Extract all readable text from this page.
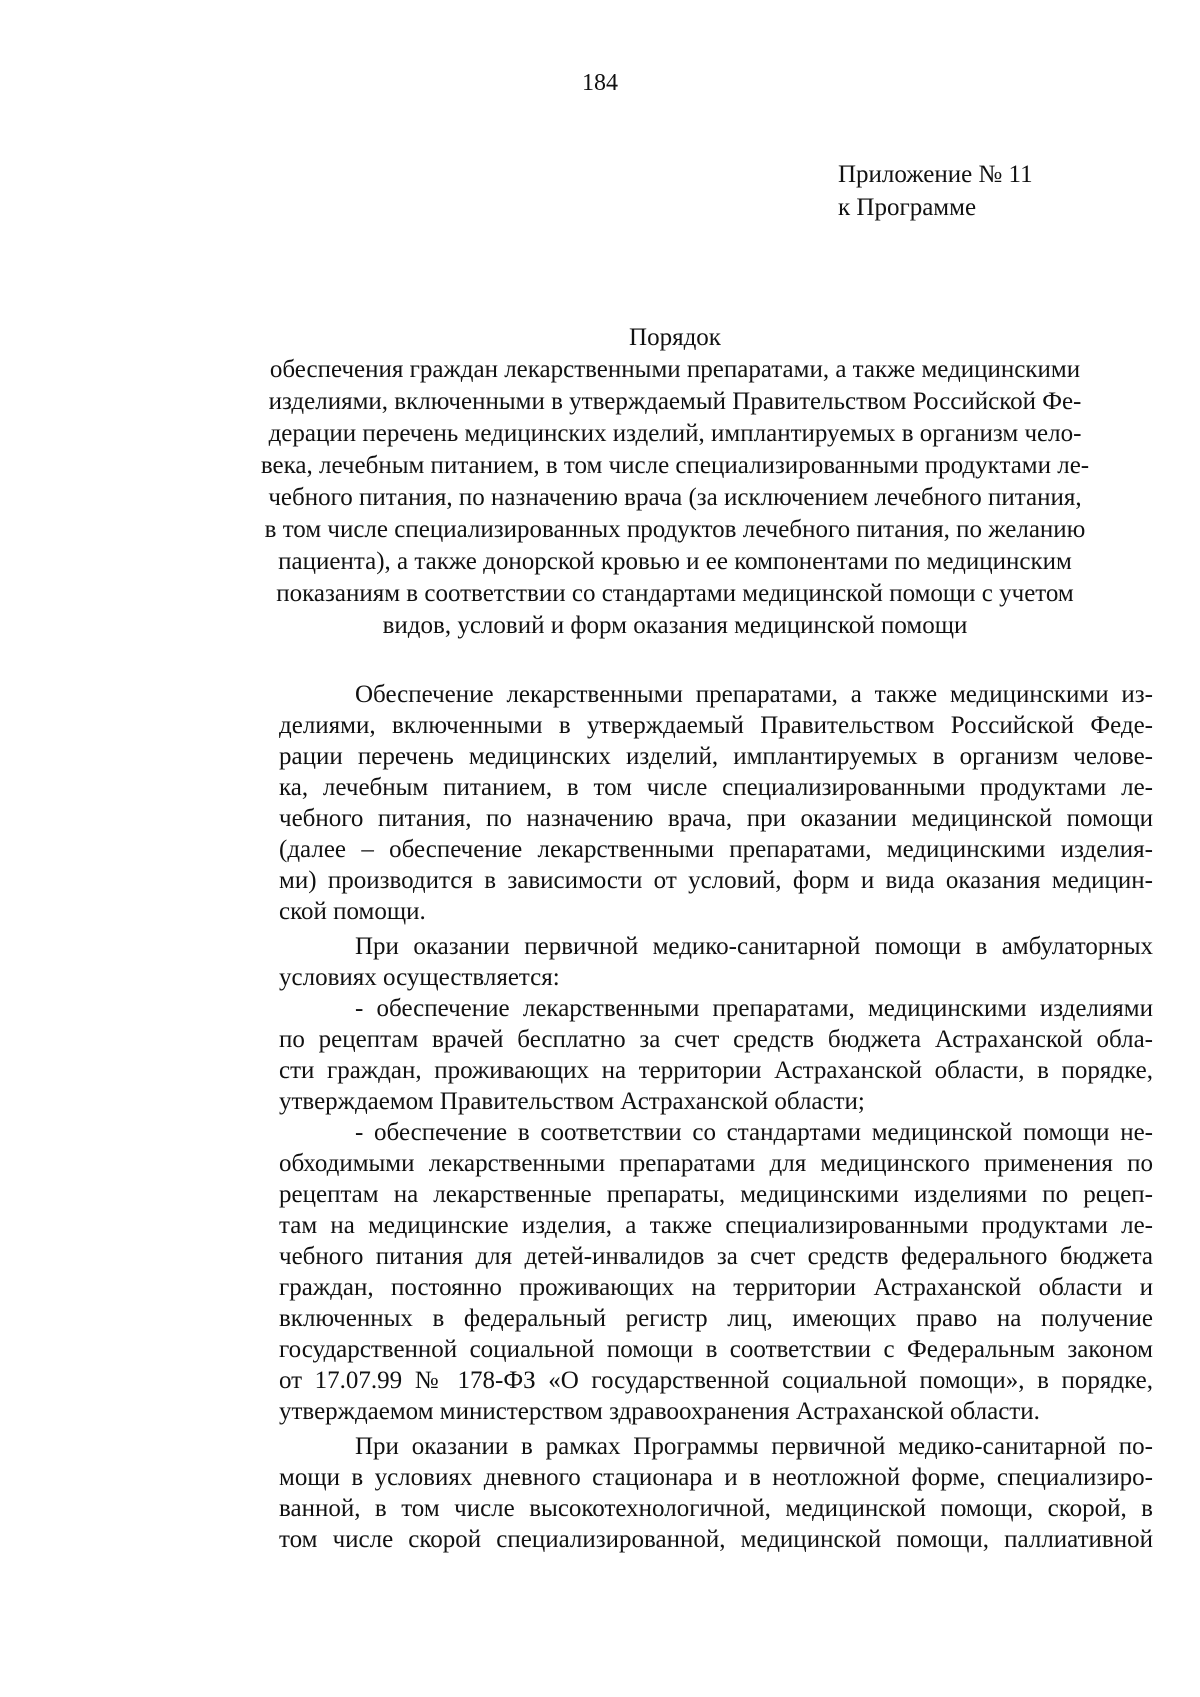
184
Приложение № 11
к Программе

Порядок

обеспечения граждан лекарственными препаратами, а также медицинскими
изделиями, включенными в утверждаемый Правительством Российской Фе-
дерации перечень медицинских изделий, имплантируемых в организм чело-
века, лечебным питанием, в том числе специализированными продуктами ле-
чебного питания, по назначению врача (за исключением лечебного питания,
в том числе специализированных продуктов лечебного питания, по желанию
пациента), а также донорской кровью и ее компонентами по медицинским
показаниям в соответствии со стандартами медицинской помощи с учетом
видов, условий и форм оказания медицинской помощи

Обеспечение лекарственными препаратами, а также медицинскими из-
делиями, включенными в утверждаемый Правительством Российской Феде-
рации перечень медицинских изделий, имплантируемых в организм челове-
ка, лечебным питанием, в том числе специализированными продуктами ле-
чебного питания, по назначению врача, при оказании медицинской помощи
(далее – обеспечение лекарственными препаратами, медицинскими изделия-
ми) производится в зависимости от условий, форм и вида оказания медицин-
ской помощи.
При оказании первичной медико-санитарной помощи в амбулаторных
условиях осуществляется:
- обеспечение лекарственными препаратами, медицинскими изделиями
по рецептам врачей бесплатно за счет средств бюджета Астраханской обла-
сти граждан, проживающих на территории Астраханской области, в порядке,
утверждаемом Правительством Астраханской области;
- обеспечение в соответствии со стандартами медицинской помощи не-
обходимыми лекарственными препаратами для медицинского применения по
рецептам на лекарственные препараты, медицинскими изделиями по рецеп-
там на медицинские изделия, а также специализированными продуктами ле-
чебного питания для детей-инвалидов за счет средств федерального бюджета
граждан, постоянно проживающих на территории Астраханской области и
включенных в федеральный регистр лиц, имеющих право на получение
государственной социальной помощи в соответствии с Федеральным законом
от 17.07.99 № 178-ФЗ «О государственной социальной помощи», в порядке,
утверждаемом министерством здравоохранения Астраханской области.
При оказании в рамках Программы первичной медико-санитарной по-
мощи в условиях дневного стационара и в неотложной форме, специализиро-
ванной, в том числе высокотехнологичной, медицинской помощи, скорой, в
том числе скорой специализированной, медицинской помощи, паллиативной
